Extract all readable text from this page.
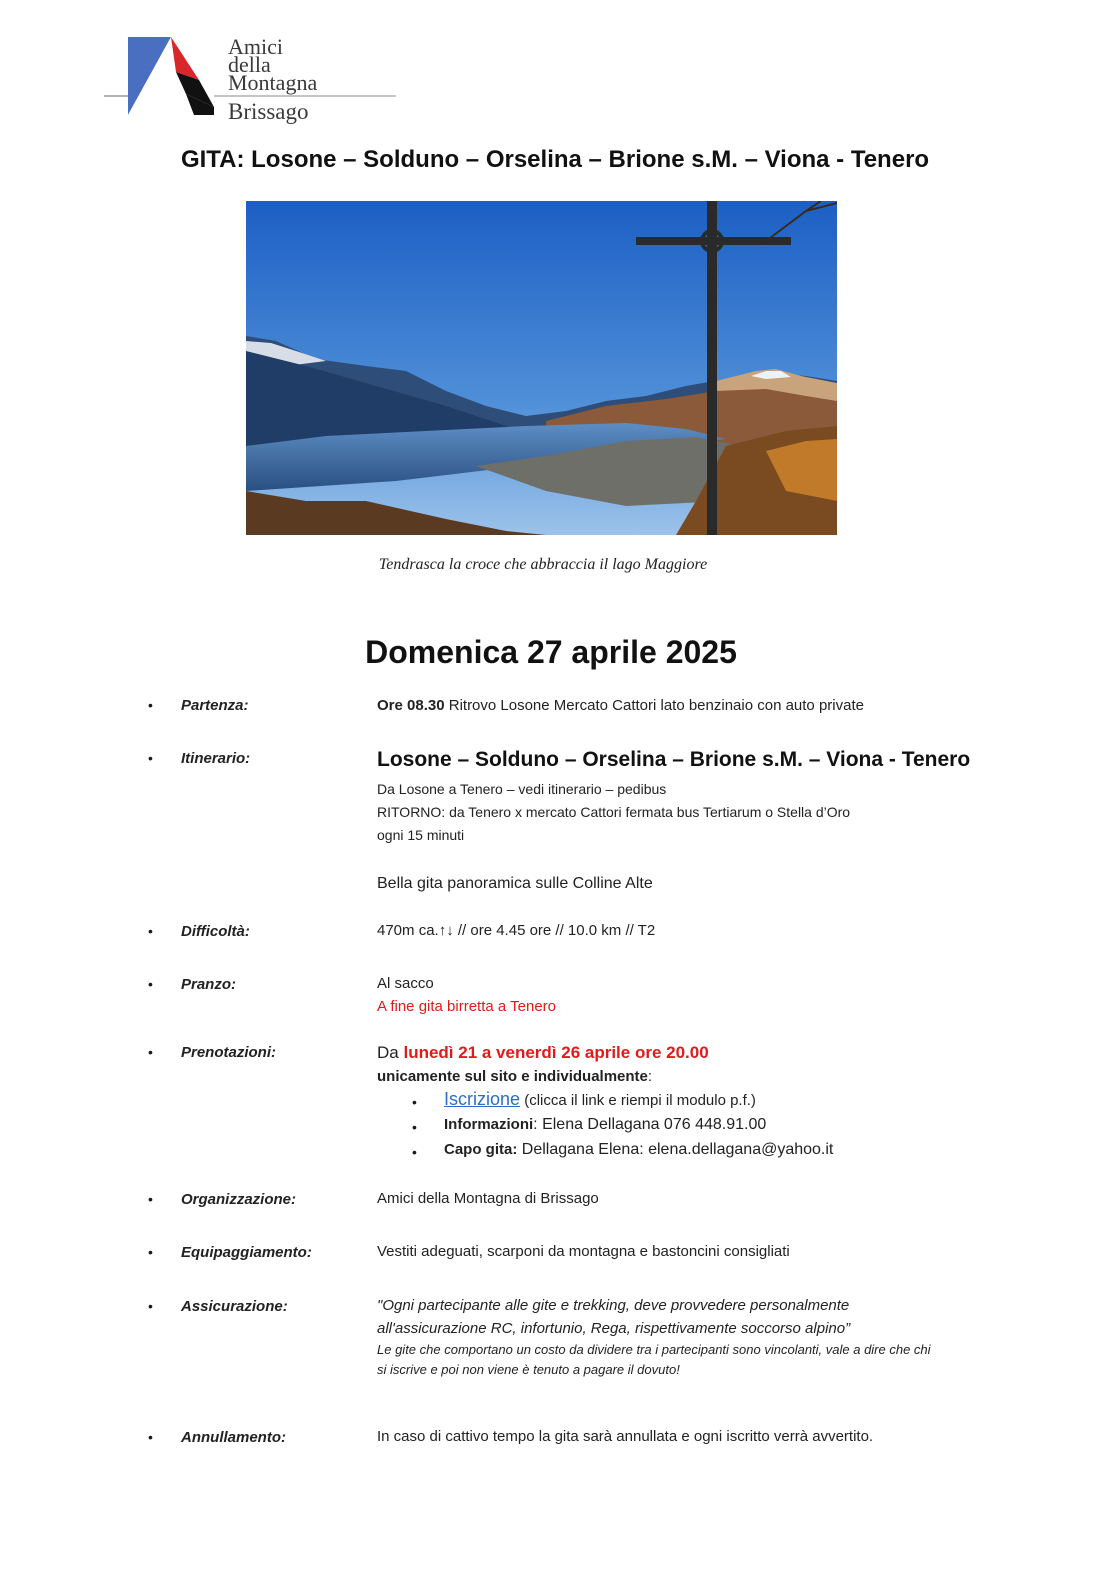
Amici
della
Montagna
Brissago
GITA: Losone – Solduno – Orselina – Brione s.M. – Viona - Tenero
Tendrasca la croce che abbraccia il lago Maggiore
Domenica 27 aprile 2025
• Partenza:	Ore 08.30 Ritrovo Losone Mercato Cattori lato benzinaio con auto private
• Itinerario:	Losone – Solduno – Orselina – Brione s.M. – Viona - Tenero
Da Losone a Tenero – vedi itinerario – pedibus
RITORNO: da Tenero x mercato Cattori fermata bus Tertiarum o Stella d’Oro
ogni 15 minuti
Bella gita panoramica sulle Colline Alte
• Difficoltà:	470m ca.↑↓ // ore 4.45 ore // 10.0 km // T2
• Pranzo:	Al sacco
A fine gita birretta a Tenero
• Prenotazioni:	Da lunedì 21 a venerdì 26 aprile ore 20.00
unicamente sul sito e individualmente:
• Iscrizione (clicca il link e riempi il modulo p.f.)
• Informazioni: Elena Dellagana 076 448.91.00
• Capo gita: Dellagana Elena: elena.dellagana@yahoo.it
• Organizzazione:	Amici della Montagna di Brissago
• Equipaggiamento:	Vestiti adeguati, scarponi da montagna e bastoncini consigliati
• Assicurazione:	"Ogni partecipante alle gite e trekking, deve provvedere personalmente
all'assicurazione RC, infortunio, Rega, rispettivamente soccorso alpino”
Le gite che comportano un costo da dividere tra i partecipanti sono vincolanti, vale a dire che chi
si iscrive e poi non viene è tenuto a pagare il dovuto!
• Annullamento:	In caso di cattivo tempo la gita sarà annullata e ogni iscritto verrà avvertito.
